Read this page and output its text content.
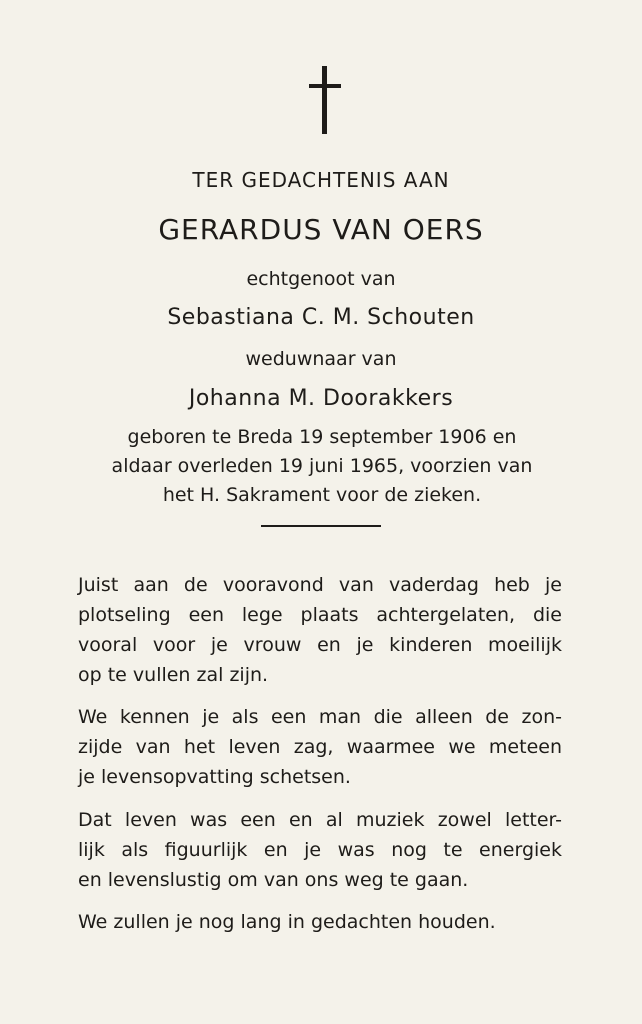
TER GEDACHTENIS AAN
GERARDUS VAN OERS
echtgenoot van
Sebastiana C. M. Schouten
weduwnaar van
Johanna M. Doorakkers
geboren te Breda 19 september 1906 en
aldaar overleden 19 juni 1965, voorzien van
het H. Sakrament voor de zieken.
Juist aan de vooravond van vaderdag heb je
plotseling een lege plaats achtergelaten, die
vooral voor je vrouw en je kinderen moeilijk
op te vullen zal zijn.
We kennen je als een man die alleen de zon-
zijde van het leven zag, waarmee we meteen
je levensopvatting schetsen.
Dat leven was een en al muziek zowel letter-
lijk als figuurlijk en je was nog te energiek
en levenslustig om van ons weg te gaan.
We zullen je nog lang in gedachten houden.
